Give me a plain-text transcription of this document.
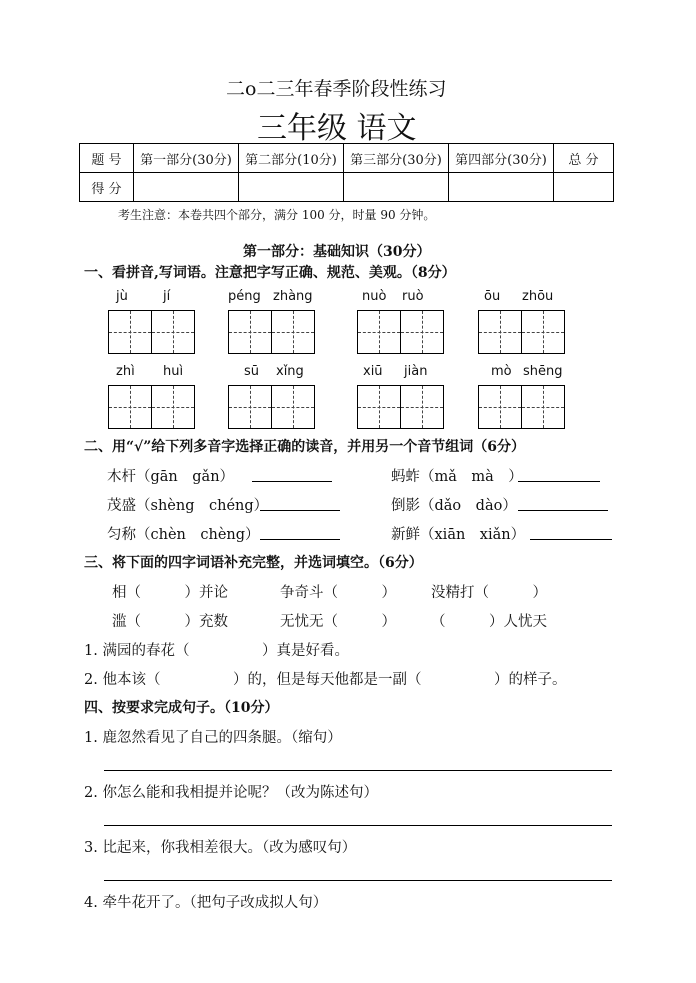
二o二三年春季阶段性练习
三年级 语文
题 号	第一部分(30分)	第二部分(10分)	第三部分(30分)	第四部分(30分)	总 分
得 分					
考生注意：本卷共四个部分，满分 100 分，时量 90 分钟。
第一部分：基础知识（30分）
一、看拼音,写词语。注意把字写正确、规范、美观。（8分）
jù	jí	péng zhàng	nuò ruò	ōu zhōu
zhì huì	sū xǐng	xiū jiàn	mò shēng
二、用“√”给下列多音字选择正确的读音，并用另一个音节组词（6分）
木杆（gān　gǎn）	蚂蚱（mǎ　mà　）
茂盛（shèng　chéng）	倒影（dǎo　dào）
匀称（chèn　chèng）	新鲜（xiān　xiǎn）
三、将下面的四字词语补充完整，并选词填空。（6分）
相（　　　）并论	争奇斗（　　　） 没精打（　　　）
滥（　　　）充数	无忧无（　　　） （　　　）人忧天
1. 满园的春花（　　　　　）真是好看。
2. 他本该（　　　　　）的，但是每天他都是一副（　　　　　）的样子。
四、按要求完成句子。（10分）
1. 鹿忽然看见了自己的四条腿。（缩句）
2. 你怎么能和我相提并论呢？（改为陈述句）
3. 比起来，你我相差很大。（改为感叹句）
4. 牵牛花开了。（把句子改成拟人句）
